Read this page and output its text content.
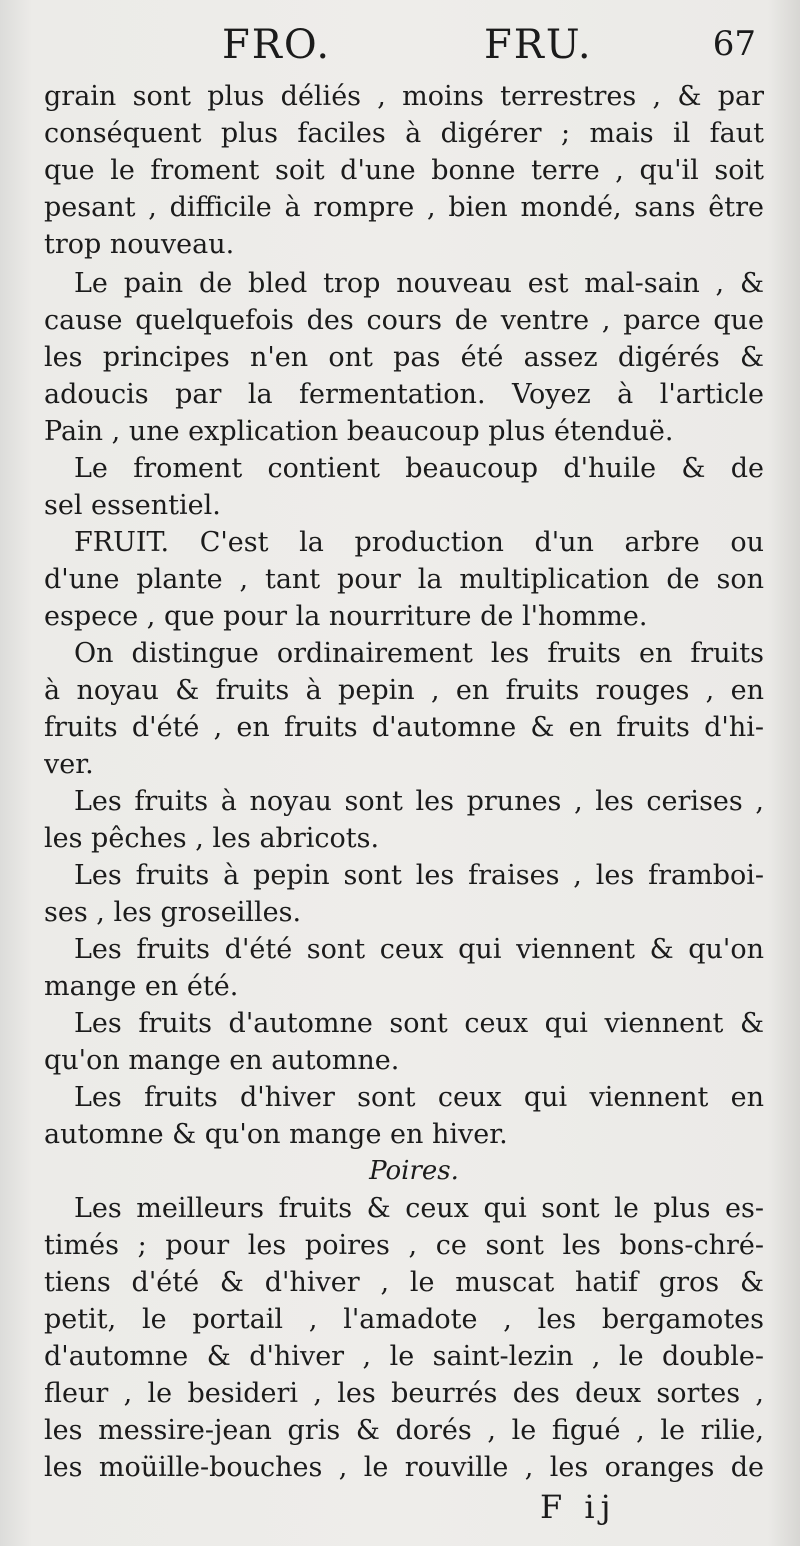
FRO.	FRU.	67
grain sont plus déliés , moins terrestres , & par
conséquent plus faciles à digérer ; mais il faut
que le froment soit d'une bonne terre , qu'il soit
pesant , difficile à rompre , bien mondé, sans être
trop nouveau.
Le pain de bled trop nouveau est mal-sain , &
cause quelquefois des cours de ventre , parce que
les principes n'en ont pas été assez digérés &
adoucis par la fermentation. Voyez à l'article
Pain , une explication beaucoup plus étenduë.
Le froment contient beaucoup d'huile & de
sel essentiel.
FRUIT. C'est la production d'un arbre ou
d'une plante , tant pour la multiplication de son
espece , que pour la nourriture de l'homme.
On distingue ordinairement les fruits en fruits
à noyau & fruits à pepin , en fruits rouges , en
fruits d'été , en fruits d'automne & en fruits d'hi-
ver.
Les fruits à noyau sont les prunes , les cerises ,
les pêches , les abricots.
Les fruits à pepin sont les fraises , les framboi-
ses , les groseilles.
Les fruits d'été sont ceux qui viennent & qu'on
mange en été.
Les fruits d'automne sont ceux qui viennent &
qu'on mange en automne.
Les fruits d'hiver sont ceux qui viennent en
automne & qu'on mange en hiver.
Poires.
Les meilleurs fruits & ceux qui sont le plus es-
timés ; pour les poires , ce sont les bons-chré-
tiens d'été & d'hiver , le muscat hatif gros &
petit, le portail , l'amadote , les bergamotes
d'automne & d'hiver , le saint-lezin , le double-
fleur , le besideri , les beurrés des deux sortes ,
les messire-jean gris & dorés , le figué , le rilie,
les moüille-bouches , le rouville , les oranges de
F ij
